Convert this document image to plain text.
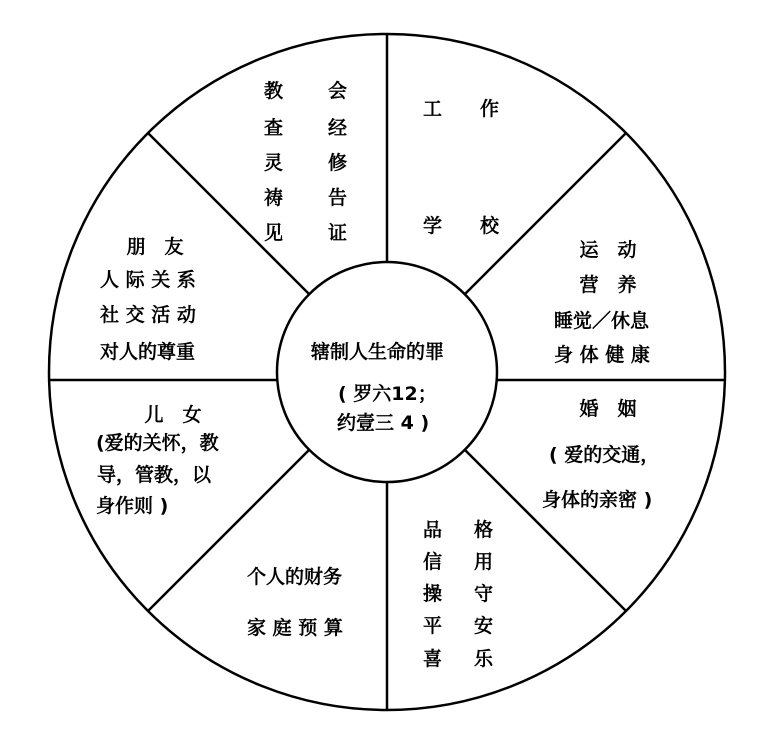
辖制人生命的罪
( 罗六12；
约壹三 4 )
教
查
灵
祷
见
会
经
修
告
证
工　　作
学　　校
运　动
营　养
睡觉／休息
身 体 健 康
婚　姻
( 爱的交通，
身体的亲密 )
品
信
操
平
喜
格
用
守
安
乐
个人的财务
家 庭 预 算
儿　女
(爱的关怀，教
导，管教，以
身作则 )
朋　友
人 际 关 系
社 交 活 动
对人的尊重
